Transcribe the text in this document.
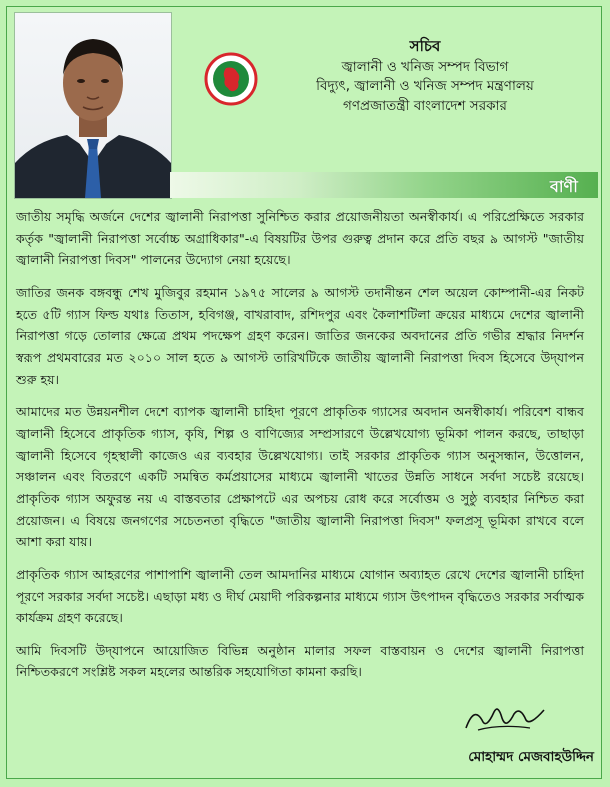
সচিব
জ্বালানী ও খনিজ সম্পদ বিভাগ
বিদ্যুৎ, জ্বালানী ও খনিজ সম্পদ মন্ত্রণালয়
গণপ্রজাতন্ত্রী বাংলাদেশ সরকার
বাণী

জাতীয় সমৃদ্ধি অর্জনে দেশের জ্বালানী নিরাপত্তা সুনিশ্চিত করার প্রয়োজনীয়তা অনস্বীকার্য। এ পরিপ্রেক্ষিতে সরকার কর্তৃক "জ্বালানী নিরাপত্তা সর্বোচ্চ অগ্রাধিকার"-এ বিষয়টির উপর গুরুত্ব প্রদান করে প্রতি বছর ৯ আগস্ট "জাতীয় জ্বালানী নিরাপত্তা দিবস" পালনের উদ্যোগ নেয়া হয়েছে।

জাতির জনক বঙ্গবন্ধু শেখ মুজিবুর রহমান ১৯৭৫ সালের ৯ আগস্ট তদানীন্তন শেল অয়েল কোম্পানী-এর নিকট হতে ৫টি গ্যাস ফিল্ড যথাঃ তিতাস, হবিগঞ্জ, বাখরাবাদ, রশিদপুর এবং কৈলাশটিলা ক্রয়ের মাধ্যমে দেশের জ্বালানী নিরাপত্তা গড়ে তোলার ক্ষেত্রে প্রথম পদক্ষেপ গ্রহণ করেন। জাতির জনকের অবদানের প্রতি গভীর শ্রদ্ধার নিদর্শন স্বরূপ প্রথমবারের মত ২০১০ সাল হতে ৯ আগস্ট তারিখটিকে জাতীয় জ্বালানী নিরাপত্তা দিবস হিসেবে উদ্‌যাপন শুরু হয়।

আমাদের মত উন্নয়নশীল দেশে ব্যাপক জ্বালানী চাহিদা পূরণে প্রাকৃতিক গ্যাসের অবদান অনস্বীকার্য। পরিবেশ বান্ধব জ্বালানী হিসেবে প্রাকৃতিক গ্যাস, কৃষি, শিল্প ও বাণিজ্যের সম্প্রসারণে উল্লেখযোগ্য ভূমিকা পালন করছে, তাছাড়া জ্বালানী হিসেবে গৃহস্থালী কাজেও এর ব্যবহার উল্লেখযোগ্য। তাই সরকার প্রাকৃতিক গ্যাস অনুসন্ধান, উত্তোলন, সঞ্চালন এবং বিতরণে একটি সমন্বিত কর্মপ্রয়াসের মাধ্যমে জ্বালানী খাতের উন্নতি সাধনে সর্বদা সচেষ্ট রয়েছে। প্রাকৃতিক গ্যাস অফুরন্ত নয় এ বাস্তবতার প্রেক্ষাপটে এর অপচয় রোধ করে সর্বোত্তম ও সুষ্ঠু ব্যবহার নিশ্চিত করা প্রয়োজন। এ বিষয়ে জনগণের সচেতনতা বৃদ্ধিতে "জাতীয় জ্বালানী নিরাপত্তা দিবস" ফলপ্রসূ ভূমিকা রাখবে বলে আশা করা যায়।

প্রাকৃতিক গ্যাস আহরণের পাশাপাশি জ্বালানী তেল আমদানির মাধ্যমে যোগান অব্যাহত রেখে দেশের জ্বালানী চাহিদা পূরণে সরকার সর্বদা সচেষ্ট। এছাড়া মধ্য ও দীর্ঘ মেয়াদী পরিকল্পনার মাধ্যমে গ্যাস উৎপাদন বৃদ্ধিতেও সরকার সর্বাত্মক কার্যক্রম গ্রহণ করেছে।

আমি দিবসটি উদ্‌যাপনে আয়োজিত বিভিন্ন অনুষ্ঠান মালার সফল বাস্তবায়ন ও দেশের জ্বালানী নিরাপত্তা নিশ্চিতকরণে সংশ্লিষ্ট সকল মহলের আন্তরিক সহযোগিতা কামনা করছি।

মোহাম্মদ মেজবাহউদ্দিন
